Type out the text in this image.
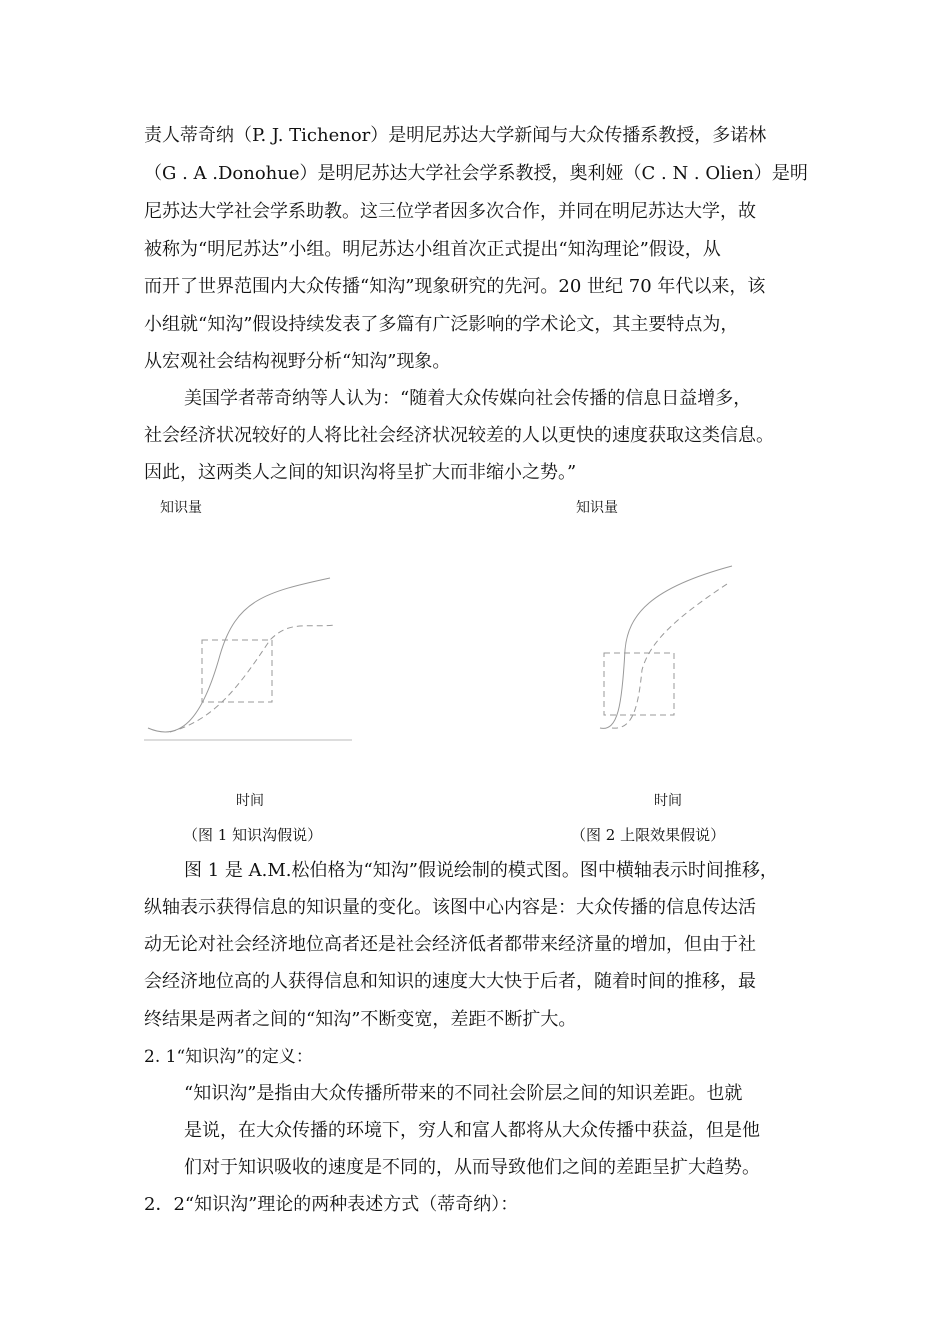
责人蒂奇纳（P. J. Tichenor）是明尼苏达大学新闻与大众传播系教授，多诺林
（G . A .Donohue）是明尼苏达大学社会学系教授，奥利娅（C . N . Olien）是明
尼苏达大学社会学系助教。这三位学者因多次合作，并同在明尼苏达大学，故
被称为“明尼苏达”小组。明尼苏达小组首次正式提出“知沟理论”假设，从
而开了世界范围内大众传播“知沟”现象研究的先河。20 世纪 70 年代以来，该
小组就“知沟”假设持续发表了多篇有广泛影响的学术论文，其主要特点为，
从宏观社会结构视野分析“知沟”现象。
美国学者蒂奇纳等人认为：“随着大众传媒向社会传播的信息日益增多，
社会经济状况较好的人将比社会经济状况较差的人以更快的速度获取这类信息。
因此，这两类人之间的知识沟将呈扩大而非缩小之势。”
知识量
时间
（图 1 知识沟假说）
知识量
时间
（图 2 上限效果假说）
图 1 是 A.M.松伯格为“知沟”假说绘制的模式图。图中横轴表示时间推移，
纵轴表示获得信息的知识量的变化。该图中心内容是：大众传播的信息传达活
动无论对社会经济地位高者还是社会经济低者都带来经济量的增加，但由于社
会经济地位高的人获得信息和知识的速度大大快于后者，随着时间的推移，最
终结果是两者之间的“知沟”不断变宽，差距不断扩大。
2. 1“知识沟”的定义：
“知识沟”是指由大众传播所带来的不同社会阶层之间的知识差距。也就
是说，在大众传播的环境下，穷人和富人都将从大众传播中获益，但是他
们对于知识吸收的速度是不同的，从而导致他们之间的差距呈扩大趋势。
2．2“知识沟”理论的两种表述方式（蒂奇纳）：
